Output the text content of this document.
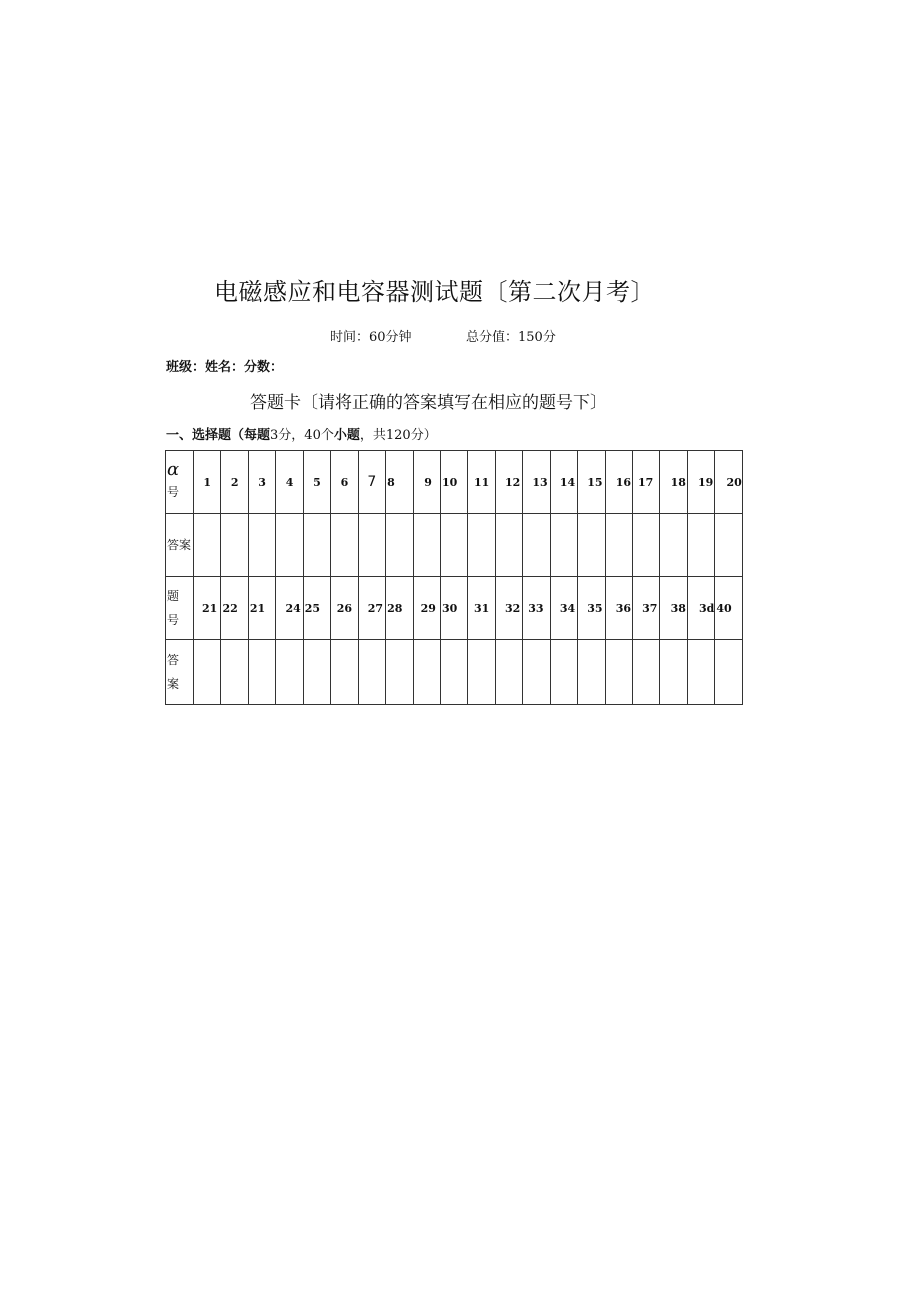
电磁感应和电容器测试题〔第二次月考〕
时间：60分钟	总分值：150分
班级：姓名：分数：
答题卡〔请将正确的答案填写在相应的题号下〕
一、选择题（每题3分，40个小题，共120分）
α
号	1	2	3	4	5	6	7	8	9	10	11	12	13	14	15	16	17	18	19	20
答案																				

题
号	21	22	21	24	25	26	27	28	29	30	31	32	33	34	35	36	37	38	3d	40

答
案																				
